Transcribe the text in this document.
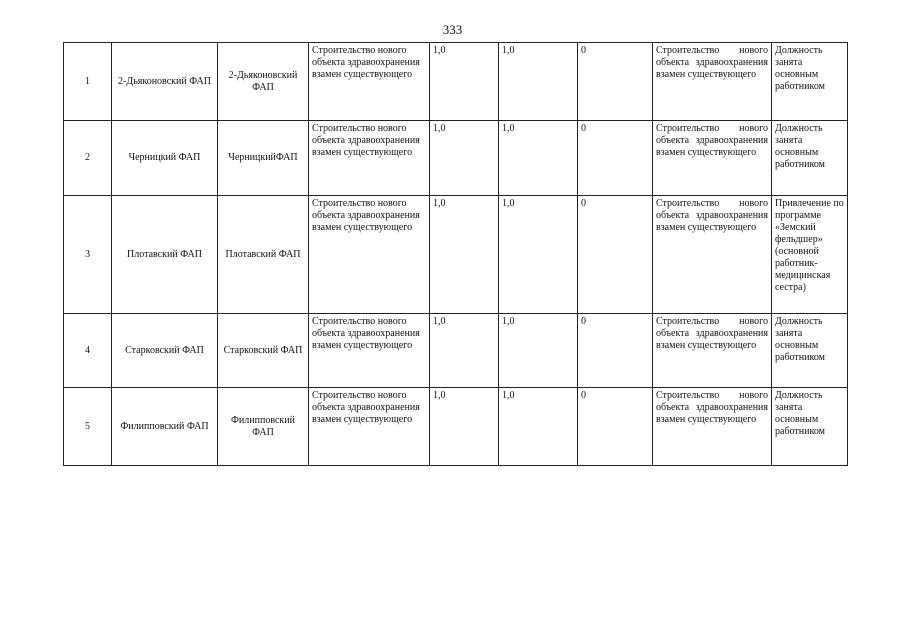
333
1	2-Дьяконовский ФАП	2-Дьяконовский ФАП	Строительство нового объекта здравоохранения взамен существующего	1,0	1,0	0	Строительство нового объекта здравоохранения взамен существующего	Должность занята основным работником
2	Черницкий ФАП	ЧерницкийФАП	Строительство нового объекта здравоохранения взамен существующего	1,0	1,0	0	Строительство нового объекта здравоохранения взамен существующего	Должность занята основным работником
3	Плотавский ФАП	Плотавский ФАП	Строительство нового объекта здравоохранения взамен существующего	1,0	1,0	0	Строительство нового объекта здравоохранения взамен существующего	Привлечение по программе «Земский фельдшер» (основной работник-медицинская сестра)
4	Старковский ФАП	Старковский ФАП	Строительство нового объекта здравоохранения взамен существующего	1,0	1,0	0	Строительство нового объекта здравоохранения взамен существующего	Должность занята основным работником
5	Филипповский ФАП	Филипповский ФАП	Строительство нового объекта здравоохранения взамен существующего	1,0	1,0	0	Строительство нового объекта здравоохранения взамен существующего	Должность занята основным работником
